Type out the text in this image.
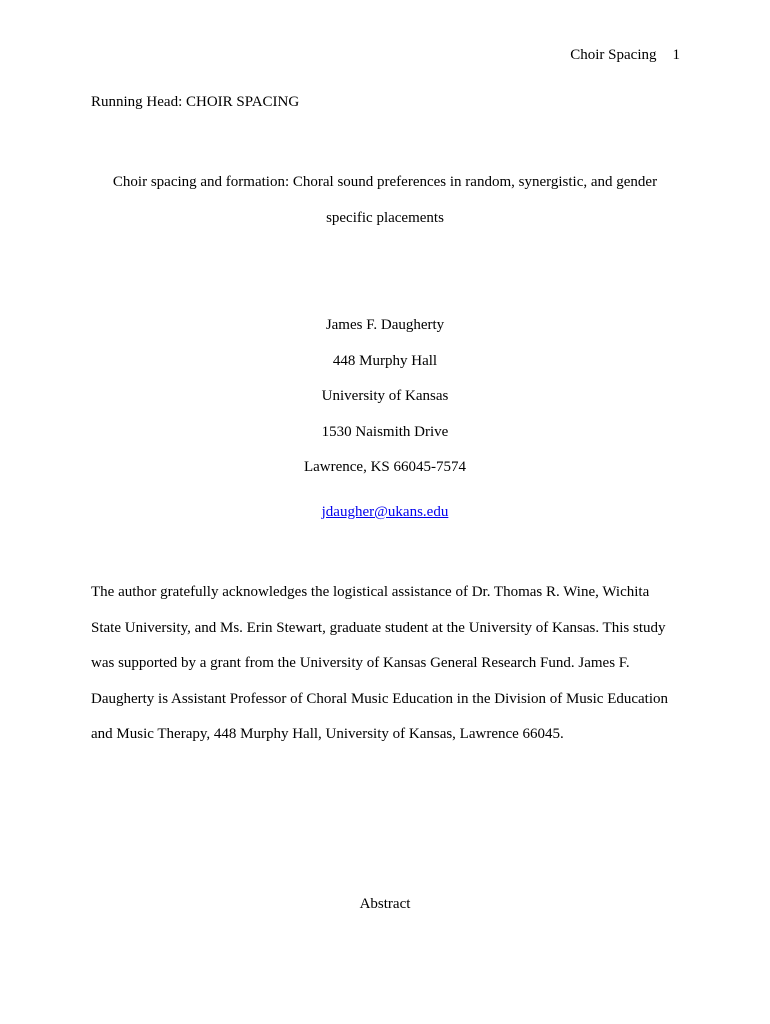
Choir Spacing 1
Running Head: CHOIR SPACING
Choir spacing and formation: Choral sound preferences in random, synergistic, and gender
specific placements
James F. Daugherty
448 Murphy Hall
University of Kansas
1530 Naismith Drive
Lawrence, KS 66045-7574
jdaugher@ukans.edu
The author gratefully acknowledges the logistical assistance of Dr. Thomas R. Wine, Wichita
State University, and Ms. Erin Stewart, graduate student at the University of Kansas. This study
was supported by a grant from the University of Kansas General Research Fund. James F.
Daugherty is Assistant Professor of Choral Music Education in the Division of Music Education
and Music Therapy, 448 Murphy Hall, University of Kansas, Lawrence 66045.
Abstract
